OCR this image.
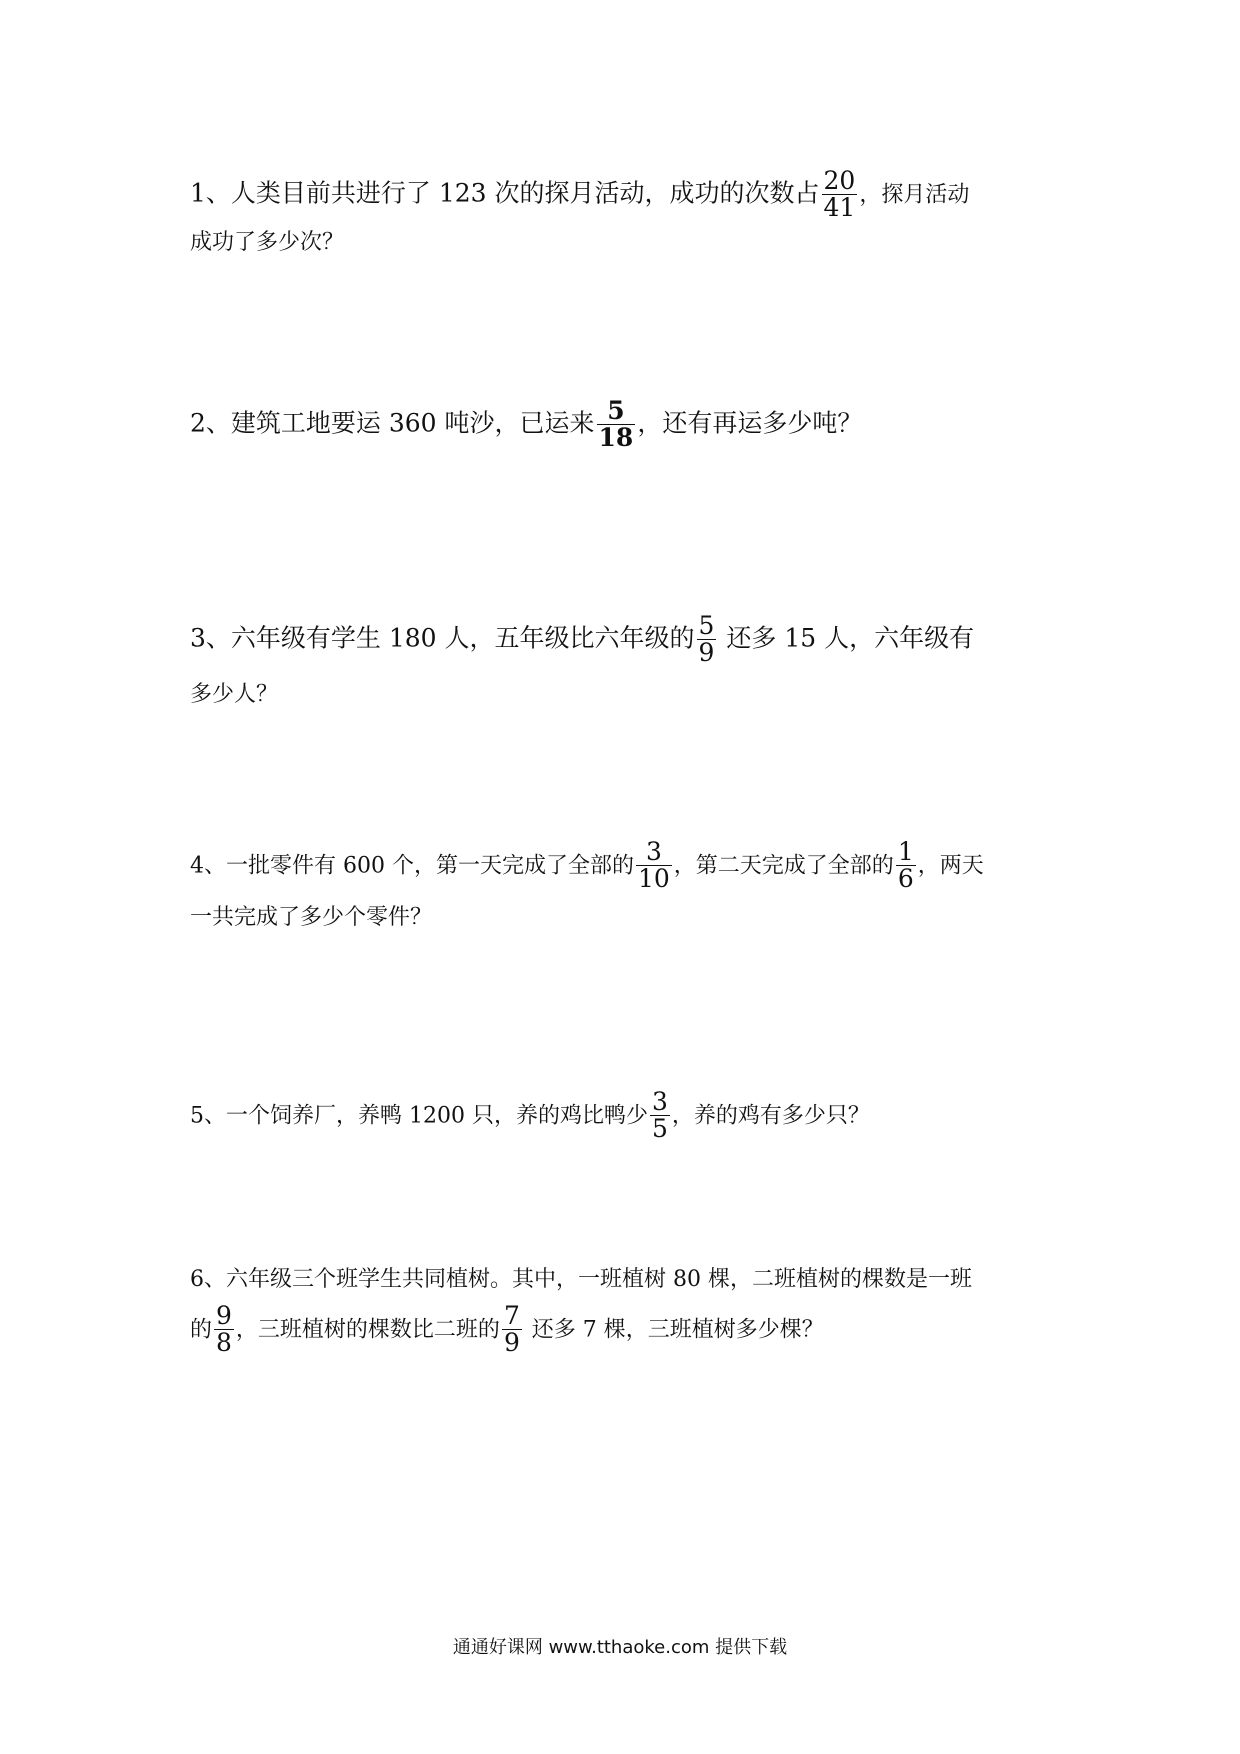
1、人类目前共进行了 123 次的探月活动，成功的次数占 $\frac{20}{41}$ ，探月活动
成功了多少次？
2、建筑工地要运 360 吨沙，已运来 $\frac{5}{18}$ ，还有再运多少吨？
3、六年级有学生 180 人，五年级比六年级的 $\frac{5}{9}$ 还多 15 人，六年级有
多少人？
4、一批零件有 600 个，第一天完成了全部的 $\frac{3}{10}$ ，第二天完成了全部的 $\frac{1}{6}$ ，两天
一共完成了多少个零件？
5、一个饲养厂，养鸭 1200 只，养的鸡比鸭少 $\frac{3}{5}$ ，养的鸡有多少只？
6、六年级三个班学生共同植树。其中，一班植树 80 棵，二班植树的棵数是一班
的 $\frac{9}{8}$ ，三班植树的棵数比二班的 $\frac{7}{9}$ 还多 7 棵，三班植树多少棵？
通通好课网 www.tthaoke.com 提供下载
